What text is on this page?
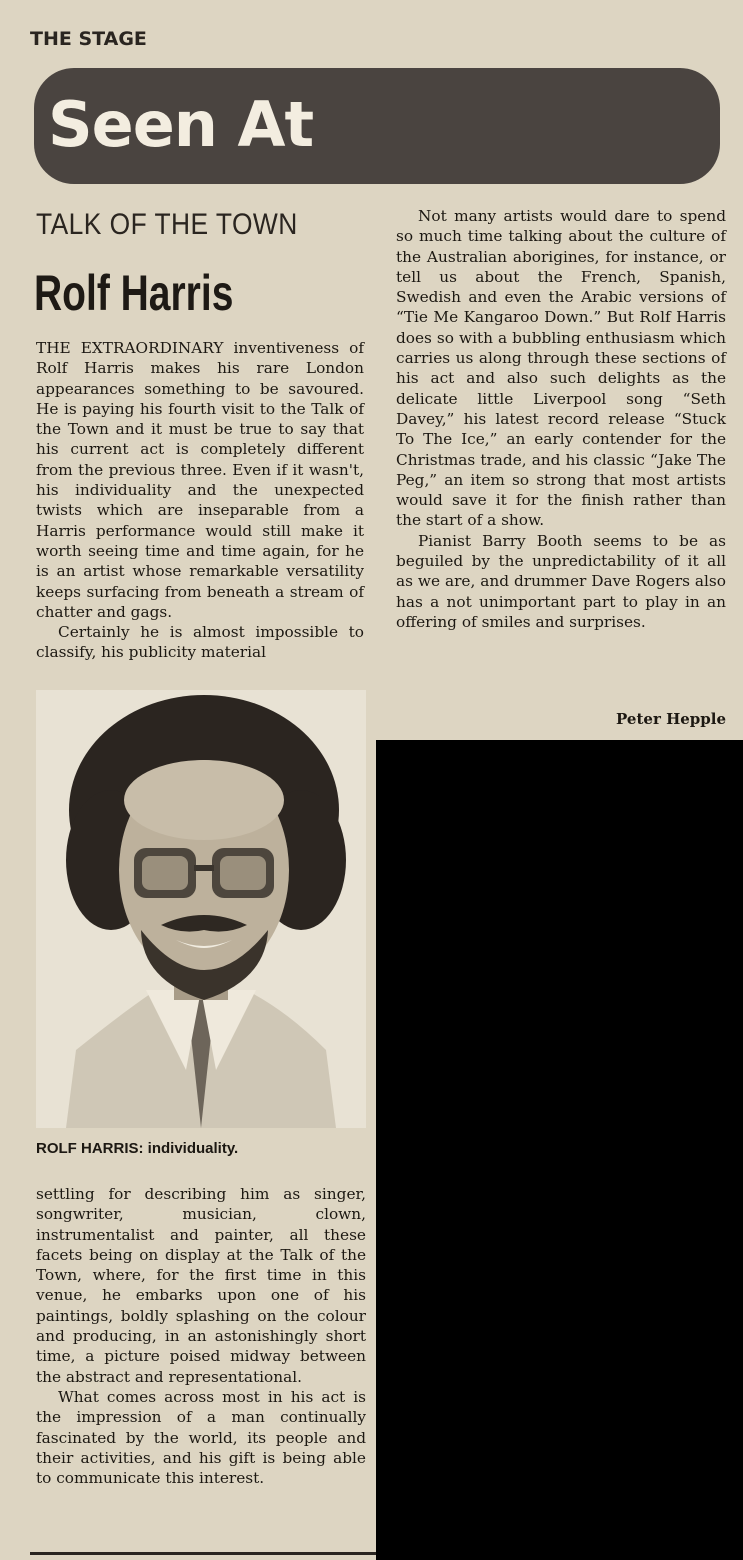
THE STAGE
Seen At
TALK OF THE TOWN
Rolf Harris

THE EXTRAORDINARY inventiveness of Rolf Harris makes his rare London appearances something to be savoured. He is paying his fourth visit to the Talk of the Town and it must be true to say that his current act is completely different from the previous three. Even if it wasn't, his individuality and the unexpected twists which are inseparable from a Harris performance would still make it worth seeing time and time again, for he is an artist whose remarkable versatility keeps surfacing from beneath a stream of chatter and gags.

Certainly he is almost impossible to classify, his publicity material

ROLF HARRIS: individuality.

settling for describing him as singer, songwriter, musician, clown, instrumentalist and painter, all these facets being on display at the Talk of the Town, where, for the first time in this venue, he embarks upon one of his paintings, boldly splashing on the colour and producing, in an astonishingly short time, a picture poised midway between the abstract and representational.

What comes across most in his act is the impression of a man continually fascinated by the world, its people and their activities, and his gift is being able to communicate this interest.

Not many artists would dare to spend so much time talking about the culture of the Australian aborigines, for instance, or tell us about the French, Spanish, Swedish and even the Arabic versions of “Tie Me Kangaroo Down.” But Rolf Harris does so with a bubbling enthusiasm which carries us along through these sections of his act and also such delights as the delicate little Liverpool song “Seth Davey,” his latest record release “Stuck To The Ice,” an early contender for the Christmas trade, and his classic “Jake The Peg,” an item so strong that most artists would save it for the finish rather than the start of a show.

Pianist Barry Booth seems to be as beguiled by the unpredictability of it all as we are, and drummer Dave Rogers also has a not unimportant part to play in an offering of smiles and surprises.

Peter Hepple
